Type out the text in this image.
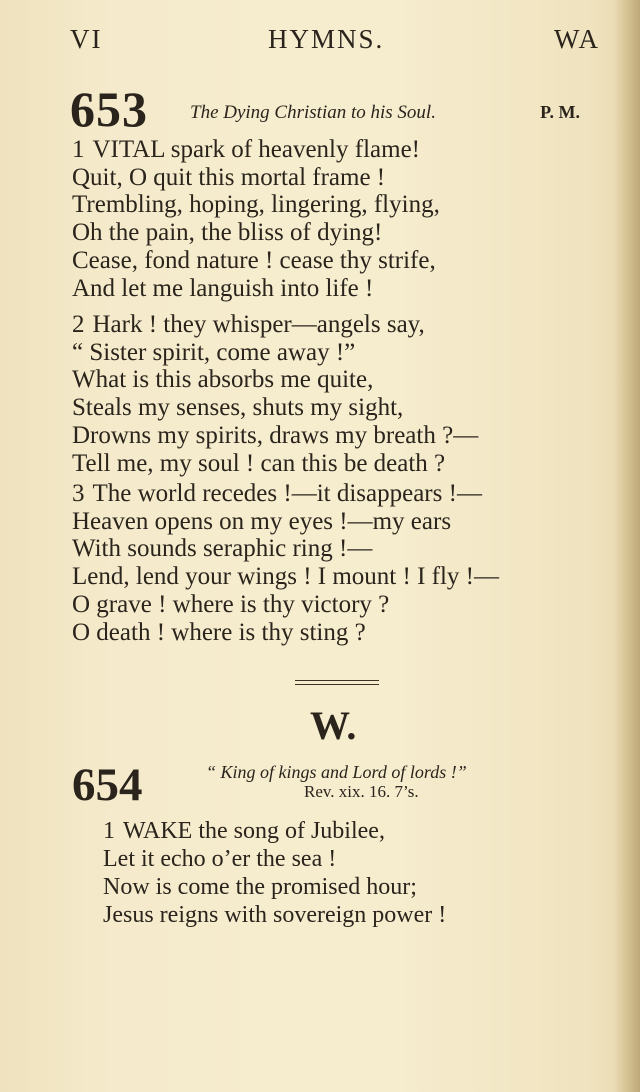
VI	HYMNS.	WA
653 The Dying Christian to his Soul.	P. M.
1 VITAL spark of heavenly flame!
Quit, O quit this mortal frame !
Trembling, hoping, lingering, flying,
Oh the pain, the bliss of dying!
Cease, fond nature ! cease thy strife,
And let me languish into life !
2 Hark ! they whisper—angels say,
“ Sister spirit, come away !”
What is this absorbs me quite,
Steals my senses, shuts my sight,
Drowns my spirits, draws my breath ?—
Tell me, my soul ! can this be death ?
3 The world recedes !—it disappears !—
Heaven opens on my eyes !—my ears
With sounds seraphic ring !—
Lend, lend your wings ! I mount ! I fly !—
O grave ! where is thy victory ?
O death ! where is thy sting ?
W.
654	“ King of kings and Lord of lords !”
Rev. xix. 16. 7’s.
1 WAKE the song of Jubilee,
Let it echo o’er the sea !
Now is come the promised hour;
Jesus reigns with sovereign power !
